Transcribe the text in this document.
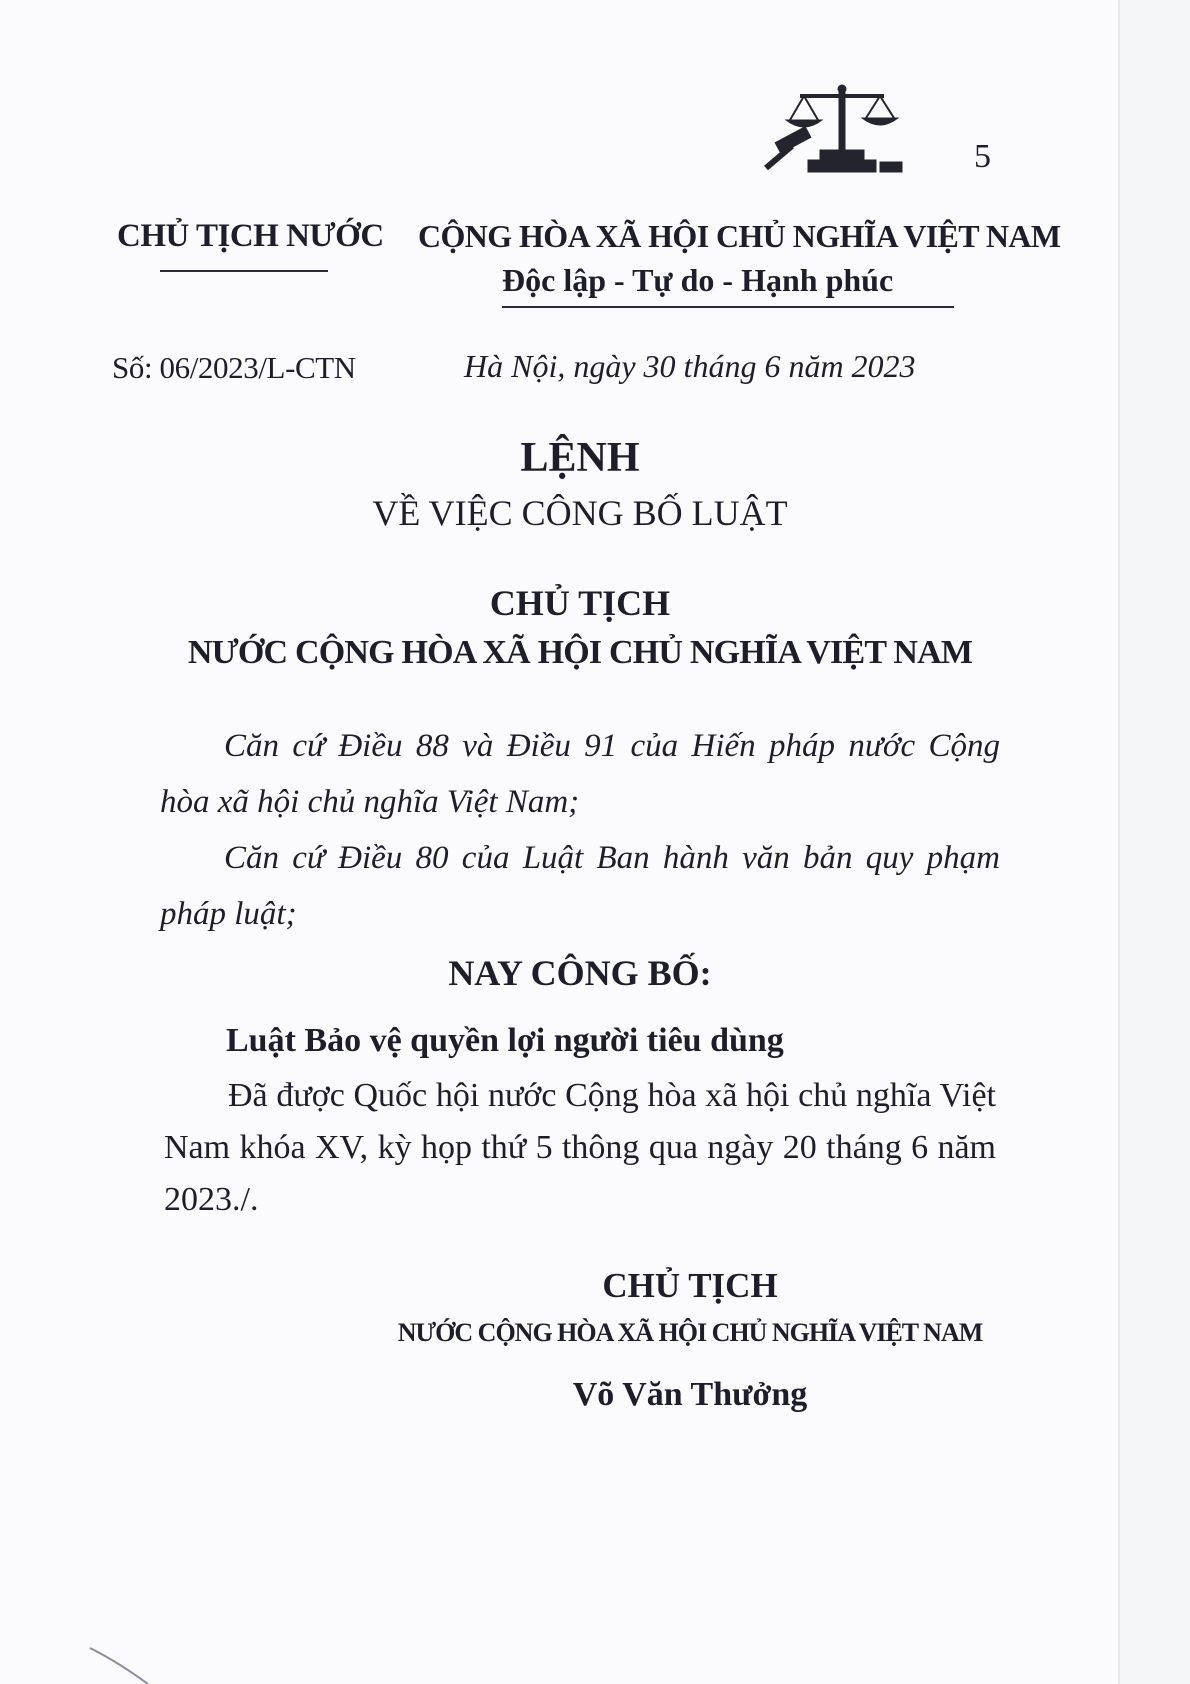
5
CHỦ TỊCH NƯỚC CỘNG HÒA XÃ HỘI CHỦ NGHĨA VIỆT NAM
Độc lập - Tự do - Hạnh phúc
Số: 06/2023/L-CTN	Hà Nội, ngày 30 tháng 6 năm 2023
LỆNH
VỀ VIỆC CÔNG BỐ LUẬT
CHỦ TỊCH
NƯỚC CỘNG HÒA XÃ HỘI CHỦ NGHĨA VIỆT NAM
Căn cứ Điều 88 và Điều 91 của Hiến pháp nước Cộng hòa xã hội chủ nghĩa Việt Nam;
Căn cứ Điều 80 của Luật Ban hành văn bản quy phạm pháp luật;
NAY CÔNG BỐ:
Luật Bảo vệ quyền lợi người tiêu dùng
Đã được Quốc hội nước Cộng hòa xã hội chủ nghĩa Việt Nam khóa XV, kỳ họp thứ 5 thông qua ngày 20 tháng 6 năm 2023./.
CHỦ TỊCH
NƯỚC CỘNG HÒA XÃ HỘI CHỦ NGHĨA VIỆT NAM
Võ Văn Thưởng
